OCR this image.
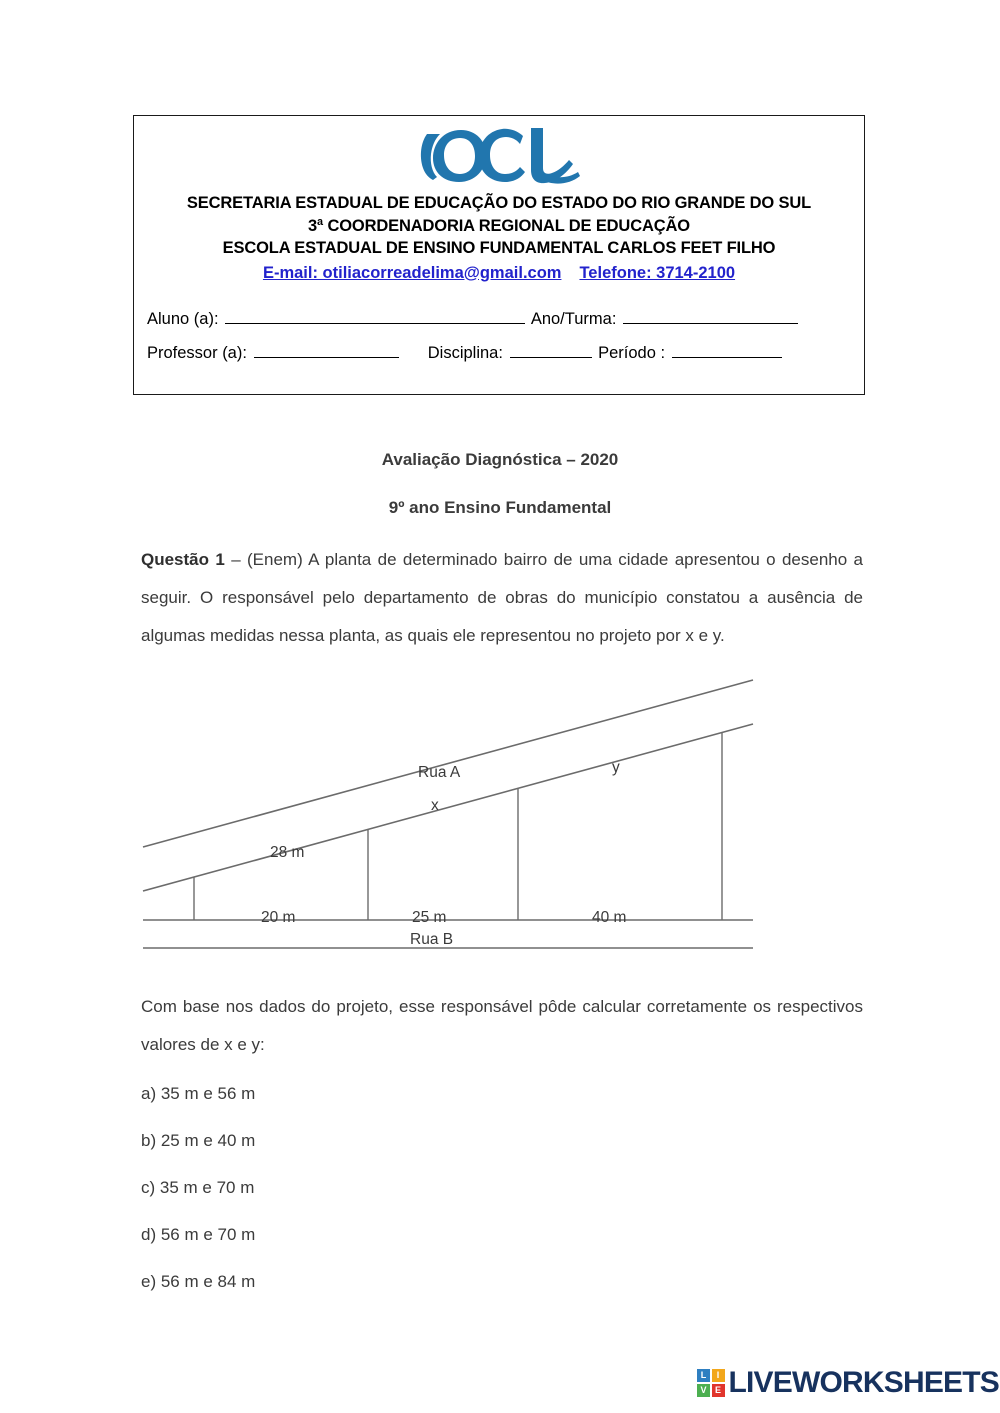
SECRETARIA ESTADUAL DE EDUCAÇÃO DO ESTADO DO RIO GRANDE DO SUL
3ª COORDENADORIA REGIONAL DE EDUCAÇÃO
ESCOLA ESTADUAL DE ENSINO FUNDAMENTAL CARLOS FEET FILHO
E-mail: otiliacorreadelima@gmail.com Telefone: 3714-2100
Aluno (a):	Ano/Turma:
Professor (a):	Disciplina:	Período :
Avaliação Diagnóstica – 2020
9º ano Ensino Fundamental
Questão 1 – (Enem) A planta de determinado bairro de uma cidade apresentou o desenho a seguir. O responsável pelo departamento de obras do município constatou a ausência de algumas medidas nessa planta, as quais ele representou no projeto por x e y.
Rua A
x
y
28 m
20 m	25 m	40 m
Rua B
Com base nos dados do projeto, esse responsável pôde calcular corretamente os respectivos valores de x e y:
a) 35 m e 56 m
b) 25 m e 40 m
c) 35 m e 70 m
d) 56 m e 70 m
e) 56 m e 84 m
L	I
V E LIVEWORKSHEETS
